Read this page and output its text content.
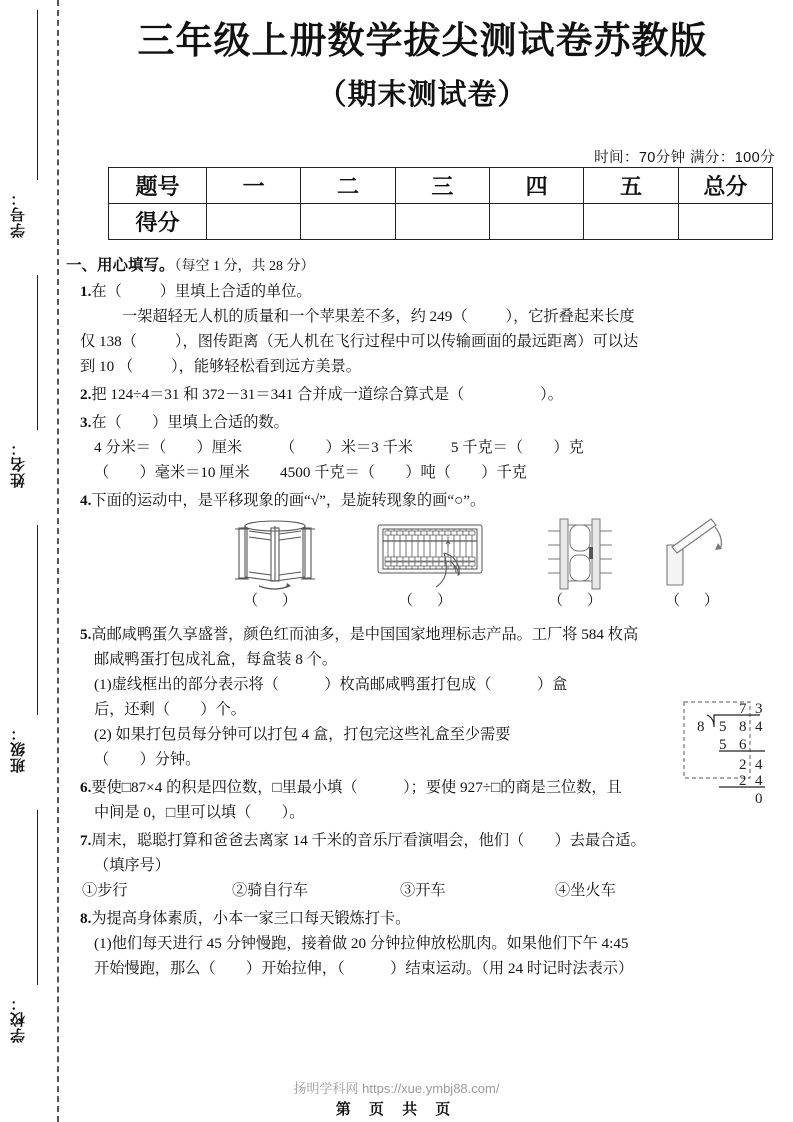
学号：
姓名：
班级：
学校：
三年级上册数学拔尖测试卷苏教版
（期末测试卷）
时间：70分钟 满分：100分
题号	一	二	三	四	五	总分
得分						
一、用心填写。（每空 1 分，共 28 分）
1.在（          ）里填上合适的单位。
一架超轻无人机的质量和一个苹果差不多，约 249（          ），它折叠起来长度
仅 138（          ），图传距离（无人机在飞行过程中可以传输画面的最远距离）可以达
到 10 （          ），能够轻松看到远方美景。
2.把 124÷4＝31 和 372－31＝341 合并成一道综合算式是（                    ）。
3.在（        ）里填上合适的数。
4 分米＝（        ）厘米          （        ）米＝3 千米          5 千克＝（        ）克
（        ）毫米＝10 厘米        4500 千克＝（        ）吨（        ）千克
4.下面的运动中，是平移现象的画“√”，是旋转现象的画“○”。
（ ）	（ ）	（ ）	（ ）
5.高邮咸鸭蛋久享盛誉，颜色红而油多，是中国国家地理标志产品。工厂将 584 枚高
邮咸鸭蛋打包成礼盒，每盒装 8 个。
(1)虚线框出的部分表示将（            ）枚高邮咸鸭蛋打包成（            ）盒
后，还剩（        ）个。
(2) 如果打包员每分钟可以打包 4 盒，打包完这些礼盒至少需要
（        ）分钟。
6.要使□87×4 的积是四位数，□里最小填（            ）；要使 927÷□的商是三位数，且
中间是 0，□里可以填（        ）。
7.周末，聪聪打算和爸爸去离家 14 千米的音乐厅看演唱会，他们（        ）去最合适。
（填序号）
①步行	②骑自行车	③开车	④坐火车
8.为提高身体素质，小本一家三口每天锻炼打卡。
(1)他们每天进行 45 分钟慢跑，接着做 20 分钟拉伸放松肌肉。如果他们下午 4:45
开始慢跑，那么（        ）开始拉伸，（            ）结束运动。（用 24 时记时法表示）
7 3
8 5 8 4
5 6
2 4
2 4
0
扬明学科网 https://xue.ymbj88.com/
第 页 共 页
